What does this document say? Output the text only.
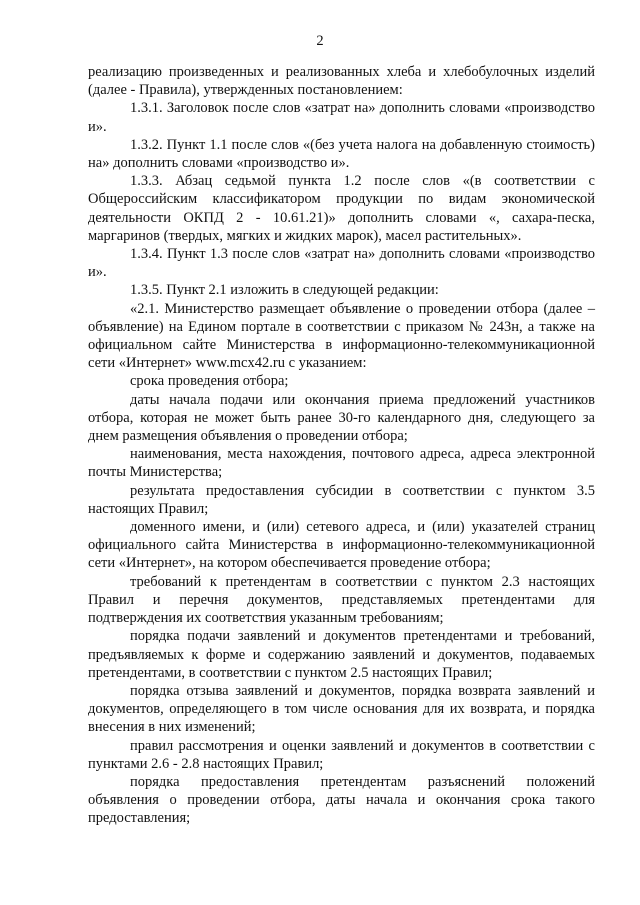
2

реализацию произведенных и реализованных хлеба и хлебобулочных изделий (далее - Правила), утвержденных постановлением:

1.3.1. Заголовок после слов «затрат на» дополнить словами «производство и».

1.3.2. Пункт 1.1 после слов «(без учета налога на добавленную стоимость) на» дополнить словами «производство и».

1.3.3. Абзац седьмой пункта 1.2 после слов «(в соответствии с Общероссийским классификатором продукции по видам экономической деятельности ОКПД 2 - 10.61.21)» дополнить словами «, сахара-песка, маргаринов (твердых, мягких и жидких марок), масел растительных».

1.3.4. Пункт 1.3 после слов «затрат на» дополнить словами «производство и».

1.3.5. Пункт 2.1 изложить в следующей редакции:

«2.1. Министерство размещает объявление о проведении отбора (далее – объявление) на Едином портале в соответствии с приказом № 243н, а также на официальном сайте Министерства в информационно-телекоммуникационной сети «Интернет» www.mcx42.ru с указанием:

срока проведения отбора;

даты начала подачи или окончания приема предложений участников отбора, которая не может быть ранее 30-го календарного дня, следующего за днем размещения объявления о проведении отбора;

наименования, места нахождения, почтового адреса, адреса электронной почты Министерства;

результата предоставления субсидии в соответствии с пунктом 3.5 настоящих Правил;

доменного имени, и (или) сетевого адреса, и (или) указателей страниц официального сайта Министерства в информационно-телекоммуникационной сети «Интернет», на котором обеспечивается проведение отбора;

требований к претендентам в соответствии с пунктом 2.3 настоящих Правил и перечня документов, представляемых претендентами для подтверждения их соответствия указанным требованиям;

порядка подачи заявлений и документов претендентами и требований, предъявляемых к форме и содержанию заявлений и документов, подаваемых претендентами, в соответствии с пунктом 2.5 настоящих Правил;

порядка отзыва заявлений и документов, порядка возврата заявлений и документов, определяющего в том числе основания для их возврата, и порядка внесения в них изменений;

правил рассмотрения и оценки заявлений и документов в соответствии с пунктами 2.6 - 2.8 настоящих Правил;

порядка предоставления претендентам разъяснений положений объявления о проведении отбора, даты начала и окончания срока такого предоставления;
